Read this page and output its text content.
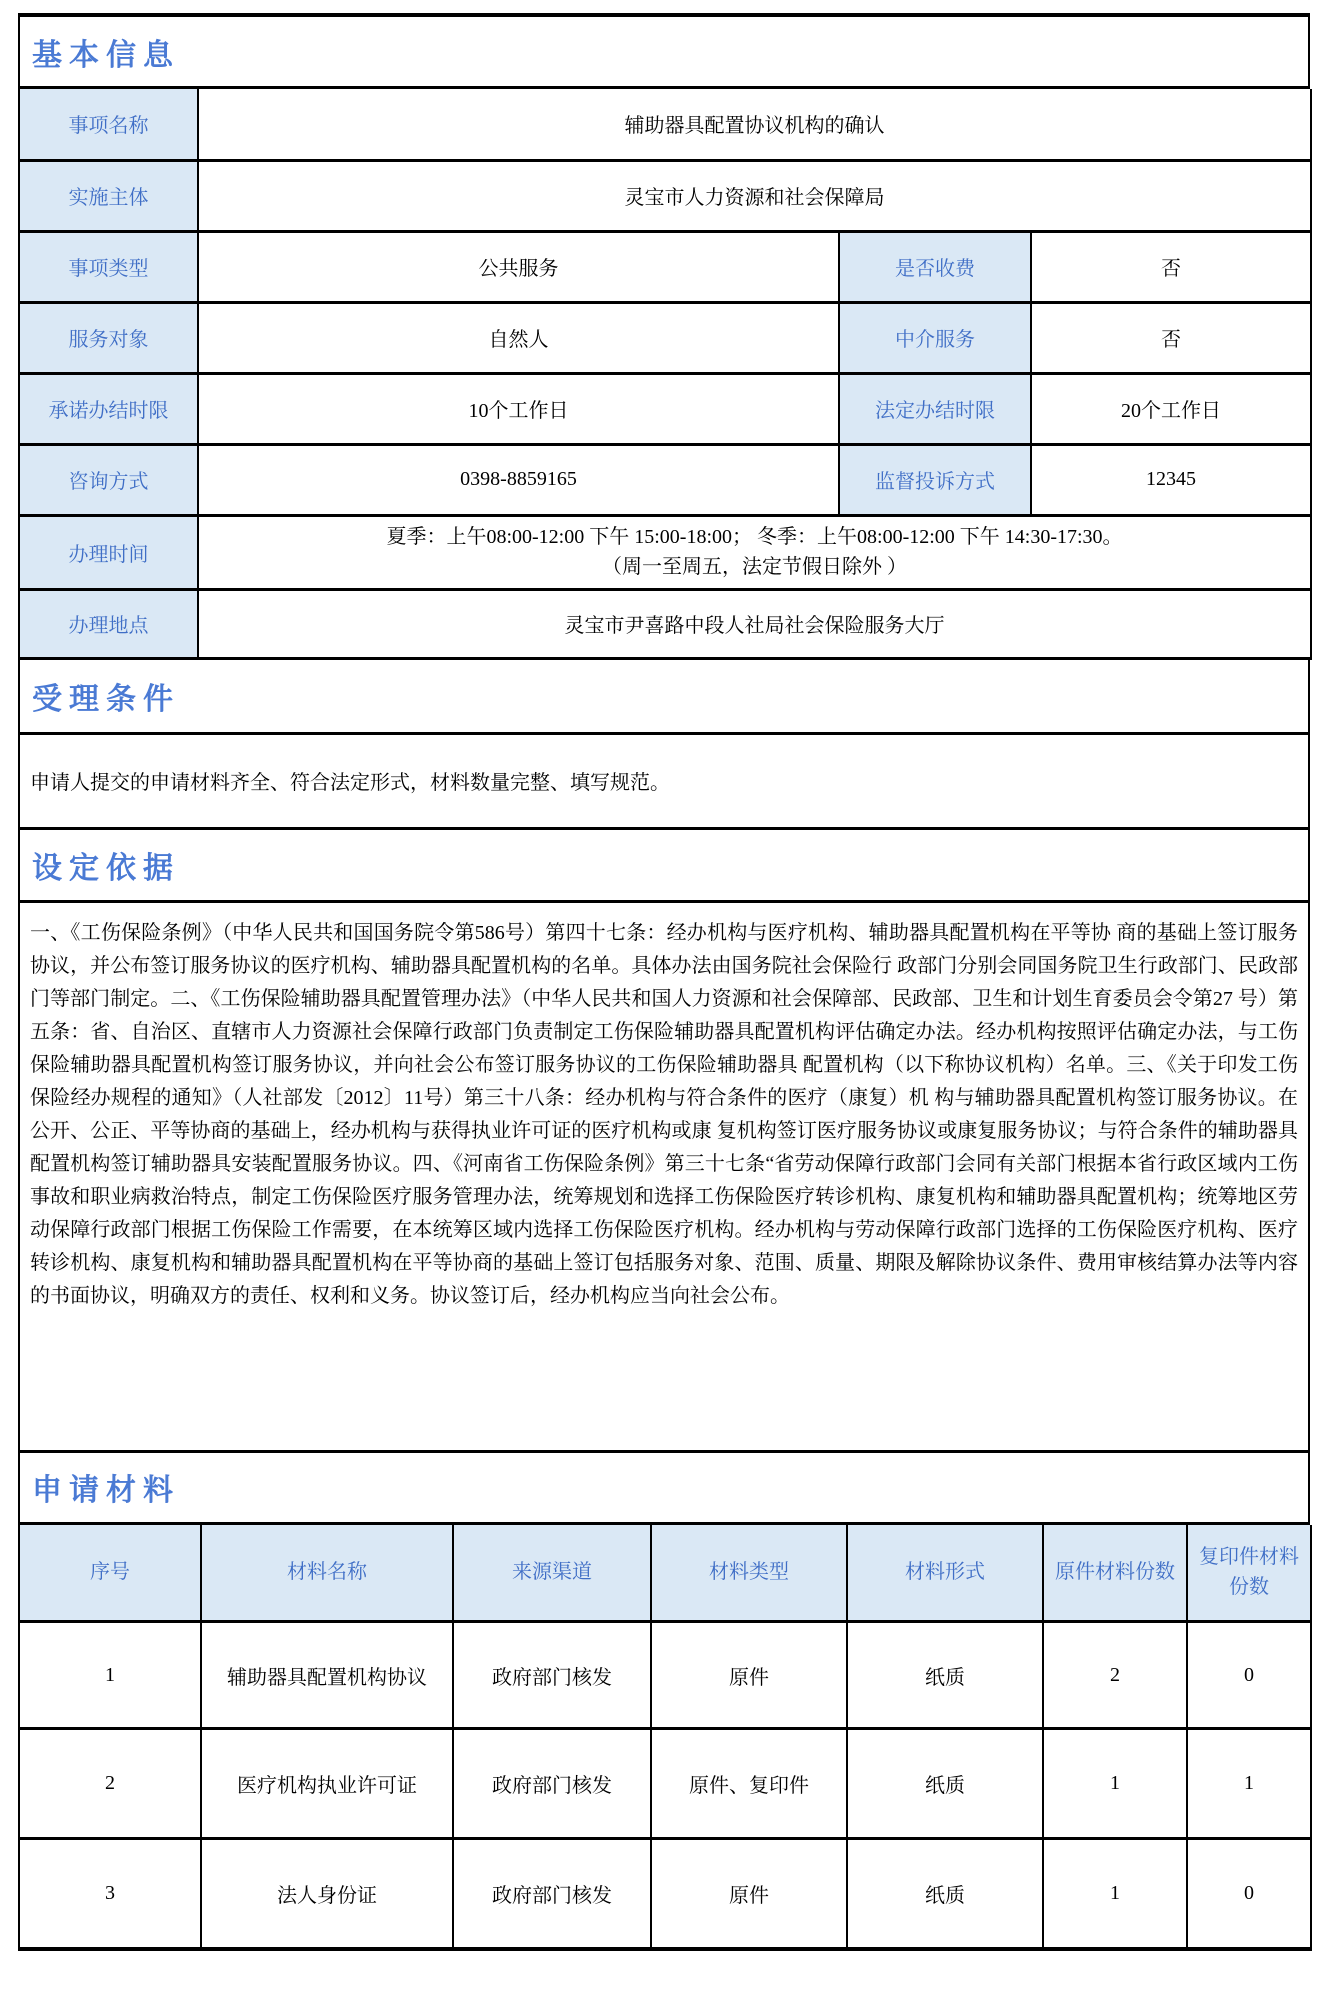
基本信息
事项名称	辅助器具配置协议机构的确认		
实施主体	灵宝市人力资源和社会保障局		
事项类型	公共服务	是否收费	否
服务对象	自然人	中介服务	否
承诺办结时限	10个工作日	法定办结时限	20个工作日
咨询方式	0398-8859165	监督投诉方式	12345
办理时间	夏季：上午08:00-12:00 下午 15:00-18:00； 冬季：上午08:00-12:00 下午 14:30-17:30。
（周一至周五，法定节假日除外 ）		

办理地点	灵宝市尹喜路中段人社局社会保险服务大厅		
受理条件
申请人提交的申请材料齐全、符合法定形式，材料数量完整、填写规范。
设定依据
一、《工伤保险条例》（中华人民共和国国务院令第586号）第四十七条：经办机构与医疗机构、辅助器具配置机构在平等协 商的基础上签订服务协议，并公布签订服务协议的医疗机构、辅助器具配置机构的名单。具体办法由国务院社会保险行 政部门分别会同国务院卫生行政部门、民政部门等部门制定。二、《工伤保险辅助器具配置管理办法》（中华人民共和国人力资源和社会保障部、民政部、卫生和计划生育委员会令第27 号）第五条：省、自治区、直辖市人力资源社会保障行政部门负责制定工伤保险辅助器具配置机构评估确定办法。经办机构按照评估确定办法，与工伤保险辅助器具配置机构签订服务协议，并向社会公布签订服务协议的工伤保险辅助器具 配置机构（以下称协议机构）名单。三、《关于印发工伤保险经办规程的通知》（人社部发〔2012〕11号）第三十八条：经办机构与符合条件的医疗（康复）机 构与辅助器具配置机构签订服务协议。在公开、公正、平等协商的基础上，经办机构与获得执业许可证的医疗机构或康 复机构签订医疗服务协议或康复服务协议；与符合条件的辅助器具配置机构签订辅助器具安装配置服务协议。四、《河南省工伤保险条例》第三十七条“省劳动保障行政部门会同有关部门根据本省行政区域内工伤事故和职业病救治特点，制定工伤保险医疗服务管理办法，统筹规划和选择工伤保险医疗转诊机构、康复机构和辅助器具配置机构；统筹地区劳动保障行政部门根据工伤保险工作需要，在本统筹区域内选择工伤保险医疗机构。经办机构与劳动保障行政部门选择的工伤保险医疗机构、医疗转诊机构、康复机构和辅助器具配置机构在平等协商的基础上签订包括服务对象、范围、质量、期限及解除协议条件、费用审核结算办法等内容的书面协议，明确双方的责任、权利和义务。协议签订后，经办机构应当向社会公布。
申请材料
序号	材料名称	来源渠道	材料类型	材料形式	原件材料份数	复印件材料份数
1	辅助器具配置机构协议	政府部门核发	原件	纸质	2	0
2	医疗机构执业许可证	政府部门核发	原件、复印件	纸质	1	1
3	法人身份证	政府部门核发	原件	纸质	1	0
